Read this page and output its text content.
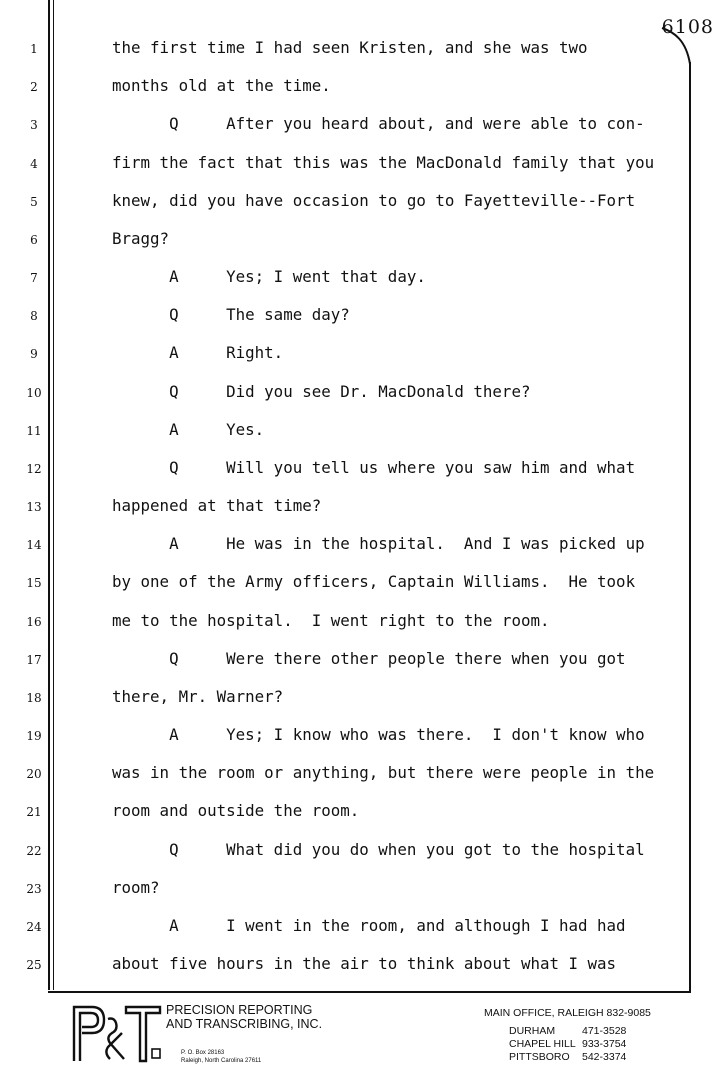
6108
1	the first time I had seen Kristen, and she was two
2	months old at the time.
3	Q     After you heard about, and were able to con-
4	firm the fact that this was the MacDonald family that you
5	knew, did you have occasion to go to Fayetteville--Fort
6	Bragg?
7	A     Yes; I went that day.
8	Q     The same day?
9	A     Right.
10	Q     Did you see Dr. MacDonald there?
11	A     Yes.
12	Q     Will you tell us where you saw him and what
13	happened at that time?
14	A     He was in the hospital.  And I was picked up
15	by one of the Army officers, Captain Williams.  He took
16	me to the hospital.  I went right to the room.
17	Q     Were there other people there when you got
18	there, Mr. Warner?
19	A     Yes; I know who was there.  I don't know who
20	was in the room or anything, but there were people in the
21	room and outside the room.
22	Q     What did you do when you got to the hospital
23	room?
24	A     I went in the room, and although I had had
25	about five hours in the air to think about what I was
PRECISION REPORTING
AND TRANSCRIBING, INC.
P. O. Box 28163
Raleigh, North Carolina 27611
MAIN OFFICE, RALEIGH 832-9085
DURHAM	471-3528
CHAPEL HILL 933-3754
PITTSBORO 542-3374
